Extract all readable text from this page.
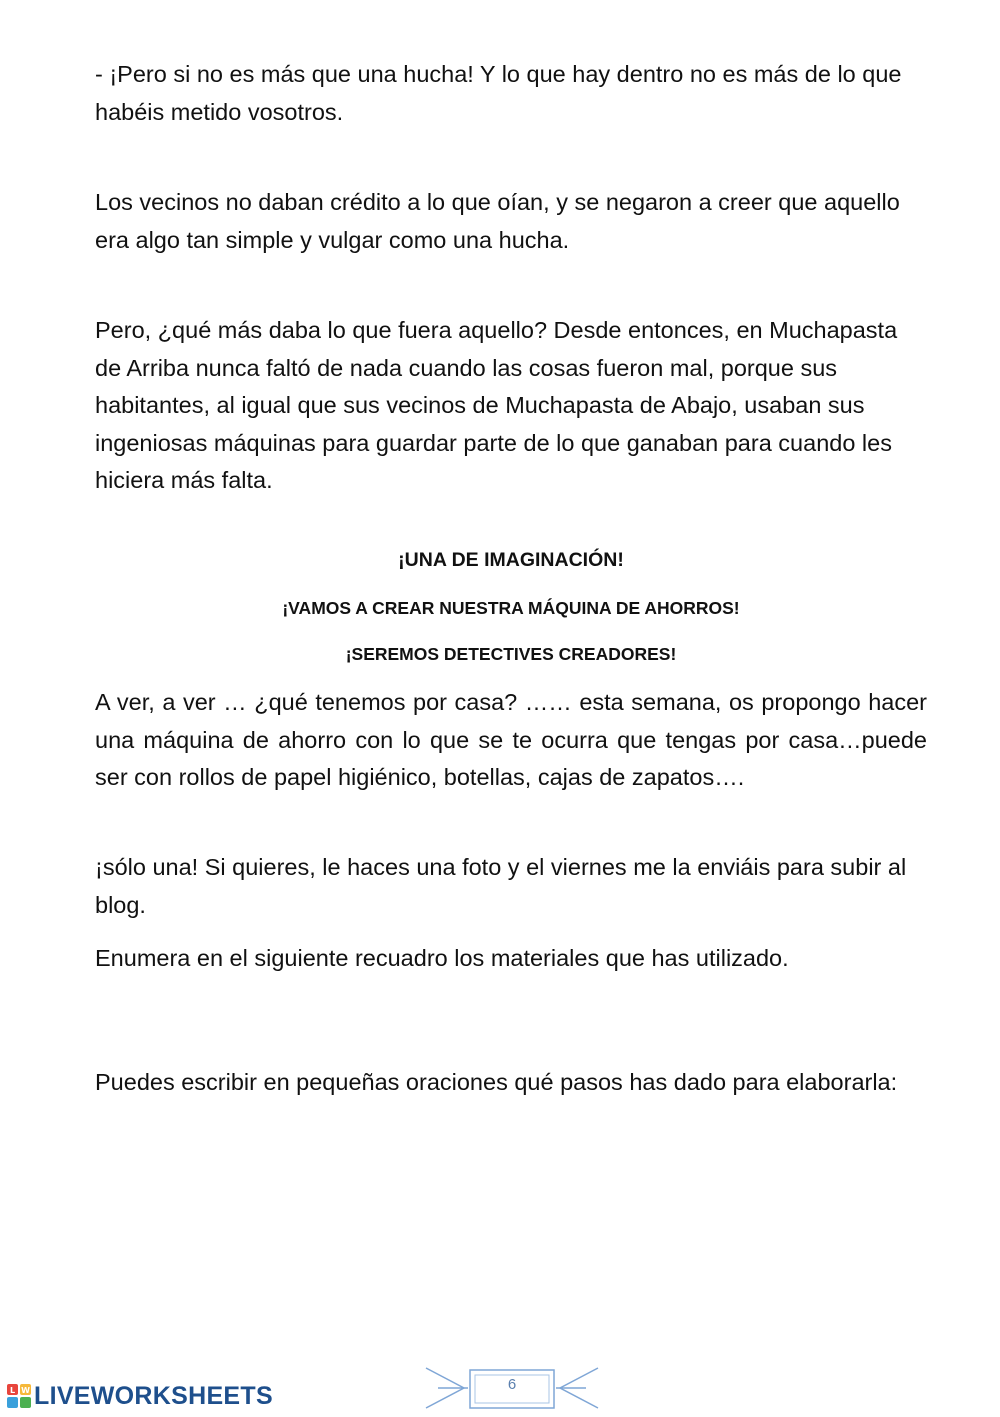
- ¡Pero si no es más que una hucha! Y lo que hay dentro no es más de lo que habéis metido vosotros.

Los vecinos no daban crédito a lo que oían, y se negaron a creer que aquello era algo tan simple y vulgar como una hucha.

Pero, ¿qué más daba lo que fuera aquello? Desde entonces, en Muchapasta de Arriba nunca faltó de nada cuando las cosas fueron mal, porque sus habitantes, al igual que sus vecinos de Muchapasta de Abajo, usaban sus ingeniosas máquinas para guardar parte de lo que ganaban para cuando les hiciera más falta.

¡UNA DE IMAGINACIÓN!

¡VAMOS A CREAR NUESTRA MÁQUINA DE AHORROS!

¡SEREMOS DETECTIVES CREADORES!

A ver, a ver … ¿qué tenemos por casa? …… esta semana, os propongo hacer una máquina de ahorro con lo que se te ocurra que tengas por casa…puede ser con rollos de papel higiénico, botellas, cajas de zapatos….

¡sólo una! Si quieres, le haces una foto y el viernes me la enviáis para subir al blog.

Enumera en el siguiente recuadro los materiales que has utilizado.

Puedes escribir en pequeñas oraciones qué pasos has dado para elaborarla:

L W LIVEWORKSHEETS	6
